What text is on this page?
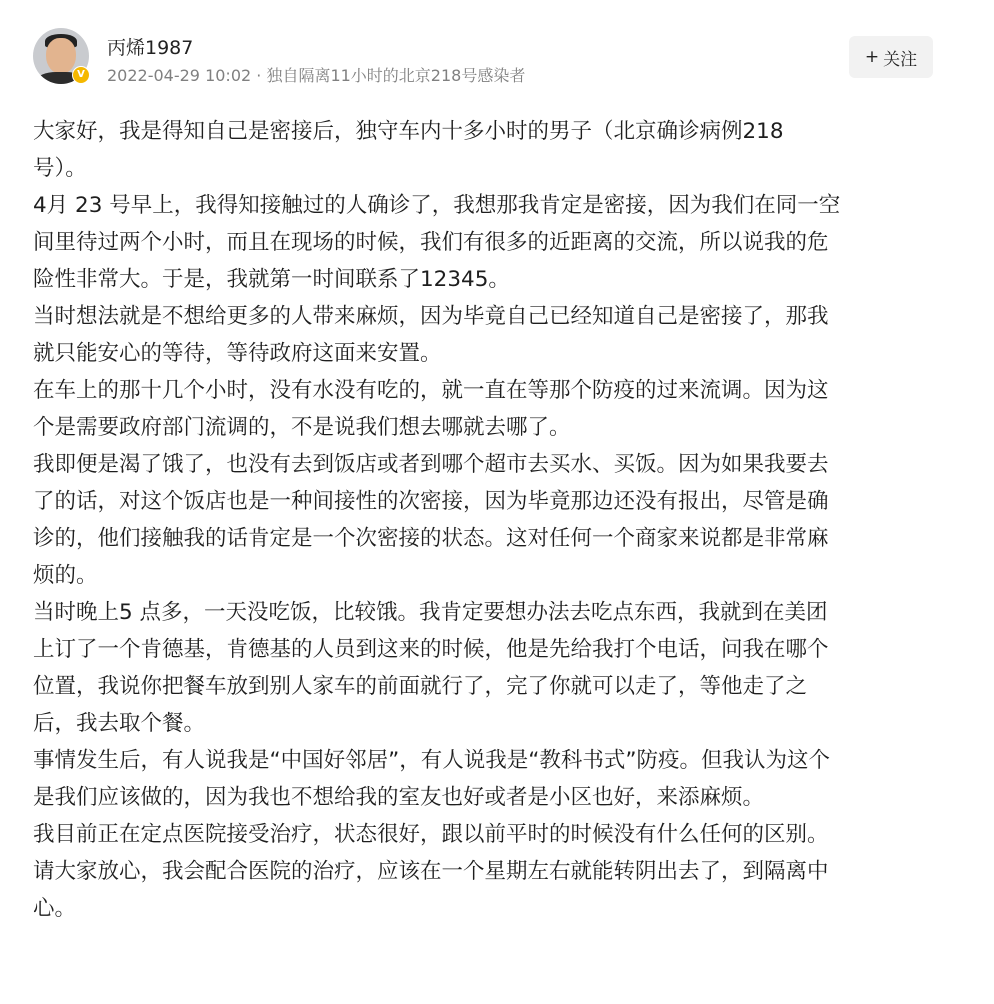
V
丙烯1987
2022-04-29 10:02 · 独自隔离11小时的北京218号感染者
+ 关注
大家好，我是得知自己是密接后，独守车内十多小时的男子（北京确诊病例218
号）。
4月 23 号早上，我得知接触过的人确诊了，我想那我肯定是密接，因为我们在同一空
间里待过两个小时，而且在现场的时候，我们有很多的近距离的交流，所以说我的危
险性非常大。于是，我就第一时间联系了12345。
当时想法就是不想给更多的人带来麻烦，因为毕竟自己已经知道自己是密接了，那我
就只能安心的等待，等待政府这面来安置。
在车上的那十几个小时，没有水没有吃的，就一直在等那个防疫的过来流调。因为这
个是需要政府部门流调的，不是说我们想去哪就去哪了。
我即便是渴了饿了，也没有去到饭店或者到哪个超市去买水、买饭。因为如果我要去
了的话，对这个饭店也是一种间接性的次密接，因为毕竟那边还没有报出，尽管是确
诊的，他们接触我的话肯定是一个次密接的状态。这对任何一个商家来说都是非常麻
烦的。
当时晚上5 点多，一天没吃饭，比较饿。我肯定要想办法去吃点东西，我就到在美团
上订了一个肯德基，肯德基的人员到这来的时候，他是先给我打个电话，问我在哪个
位置，我说你把餐车放到别人家车的前面就行了，完了你就可以走了，等他走了之
后，我去取个餐。
事情发生后，有人说我是“中国好邻居”，有人说我是“教科书式”防疫。但我认为这个
是我们应该做的，因为我也不想给我的室友也好或者是小区也好，来添麻烦。
我目前正在定点医院接受治疗，状态很好，跟以前平时的时候没有什么任何的区别。
请大家放心，我会配合医院的治疗，应该在一个星期左右就能转阴出去了，到隔离中
心。
